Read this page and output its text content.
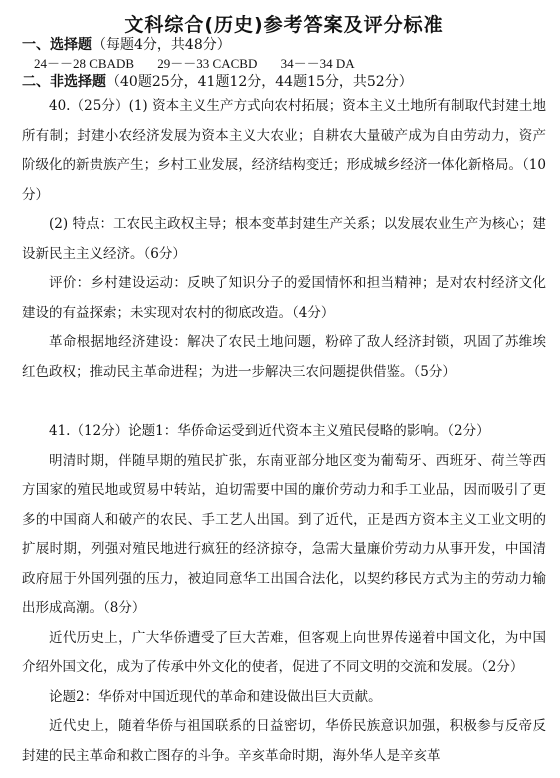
文科综合(历史)参考答案及评分标准
一、选择题（每题4分，共48分）
24－－28 CBADB 29－－33 CACBD 34－－34 DA
二、非选择题（40题25分，41题12分，44题15分，共52分）

40.（25分）(1) 资本主义生产方式向农村拓展；资本主义土地所有制取代封建土地所有制；封建小农经济发展为资本主义大农业；自耕农大量破产成为自由劳动力，资产阶级化的新贵族产生；乡村工业发展，经济结构变迁；形成城乡经济一体化新格局。（10分）

(2) 特点：工农民主政权主导；根本变革封建生产关系；以发展农业生产为核心；建设新民主主义经济。（6分）

评价：乡村建设运动：反映了知识分子的爱国情怀和担当精神；是对农村经济文化建设的有益探索；未实现对农村的彻底改造。（4分）

革命根据地经济建设：解决了农民土地问题，粉碎了敌人经济封锁，巩固了苏维埃红色政权；推动民主革命进程；为进一步解决三农问题提供借鉴。（5分）

41.（12分）论题1：华侨命运受到近代资本主义殖民侵略的影响。（2分）

明清时期，伴随早期的殖民扩张，东南亚部分地区变为葡萄牙、西班牙、荷兰等西方国家的殖民地或贸易中转站，迫切需要中国的廉价劳动力和手工业品，因而吸引了更多的中国商人和破产的农民、手工艺人出国。到了近代，正是西方资本主义工业文明的扩展时期，列强对殖民地进行疯狂的经济掠夺，急需大量廉价劳动力从事开发，中国清政府屈于外国列强的压力，被迫同意华工出国合法化，以契约移民方式为主的劳动力输出形成高潮。（8分）

近代历史上，广大华侨遭受了巨大苦难，但客观上向世界传递着中国文化，为中国介绍外国文化，成为了传承中外文化的使者，促进了不同文明的交流和发展。（2分）

论题2：华侨对中国近现代的革命和建设做出巨大贡献。

近代史上，随着华侨与祖国联系的日益密切，华侨民族意识加强，积极参与反帝反封建的民主革命和救亡图存的斗争。辛亥革命时期，海外华人是辛亥革
